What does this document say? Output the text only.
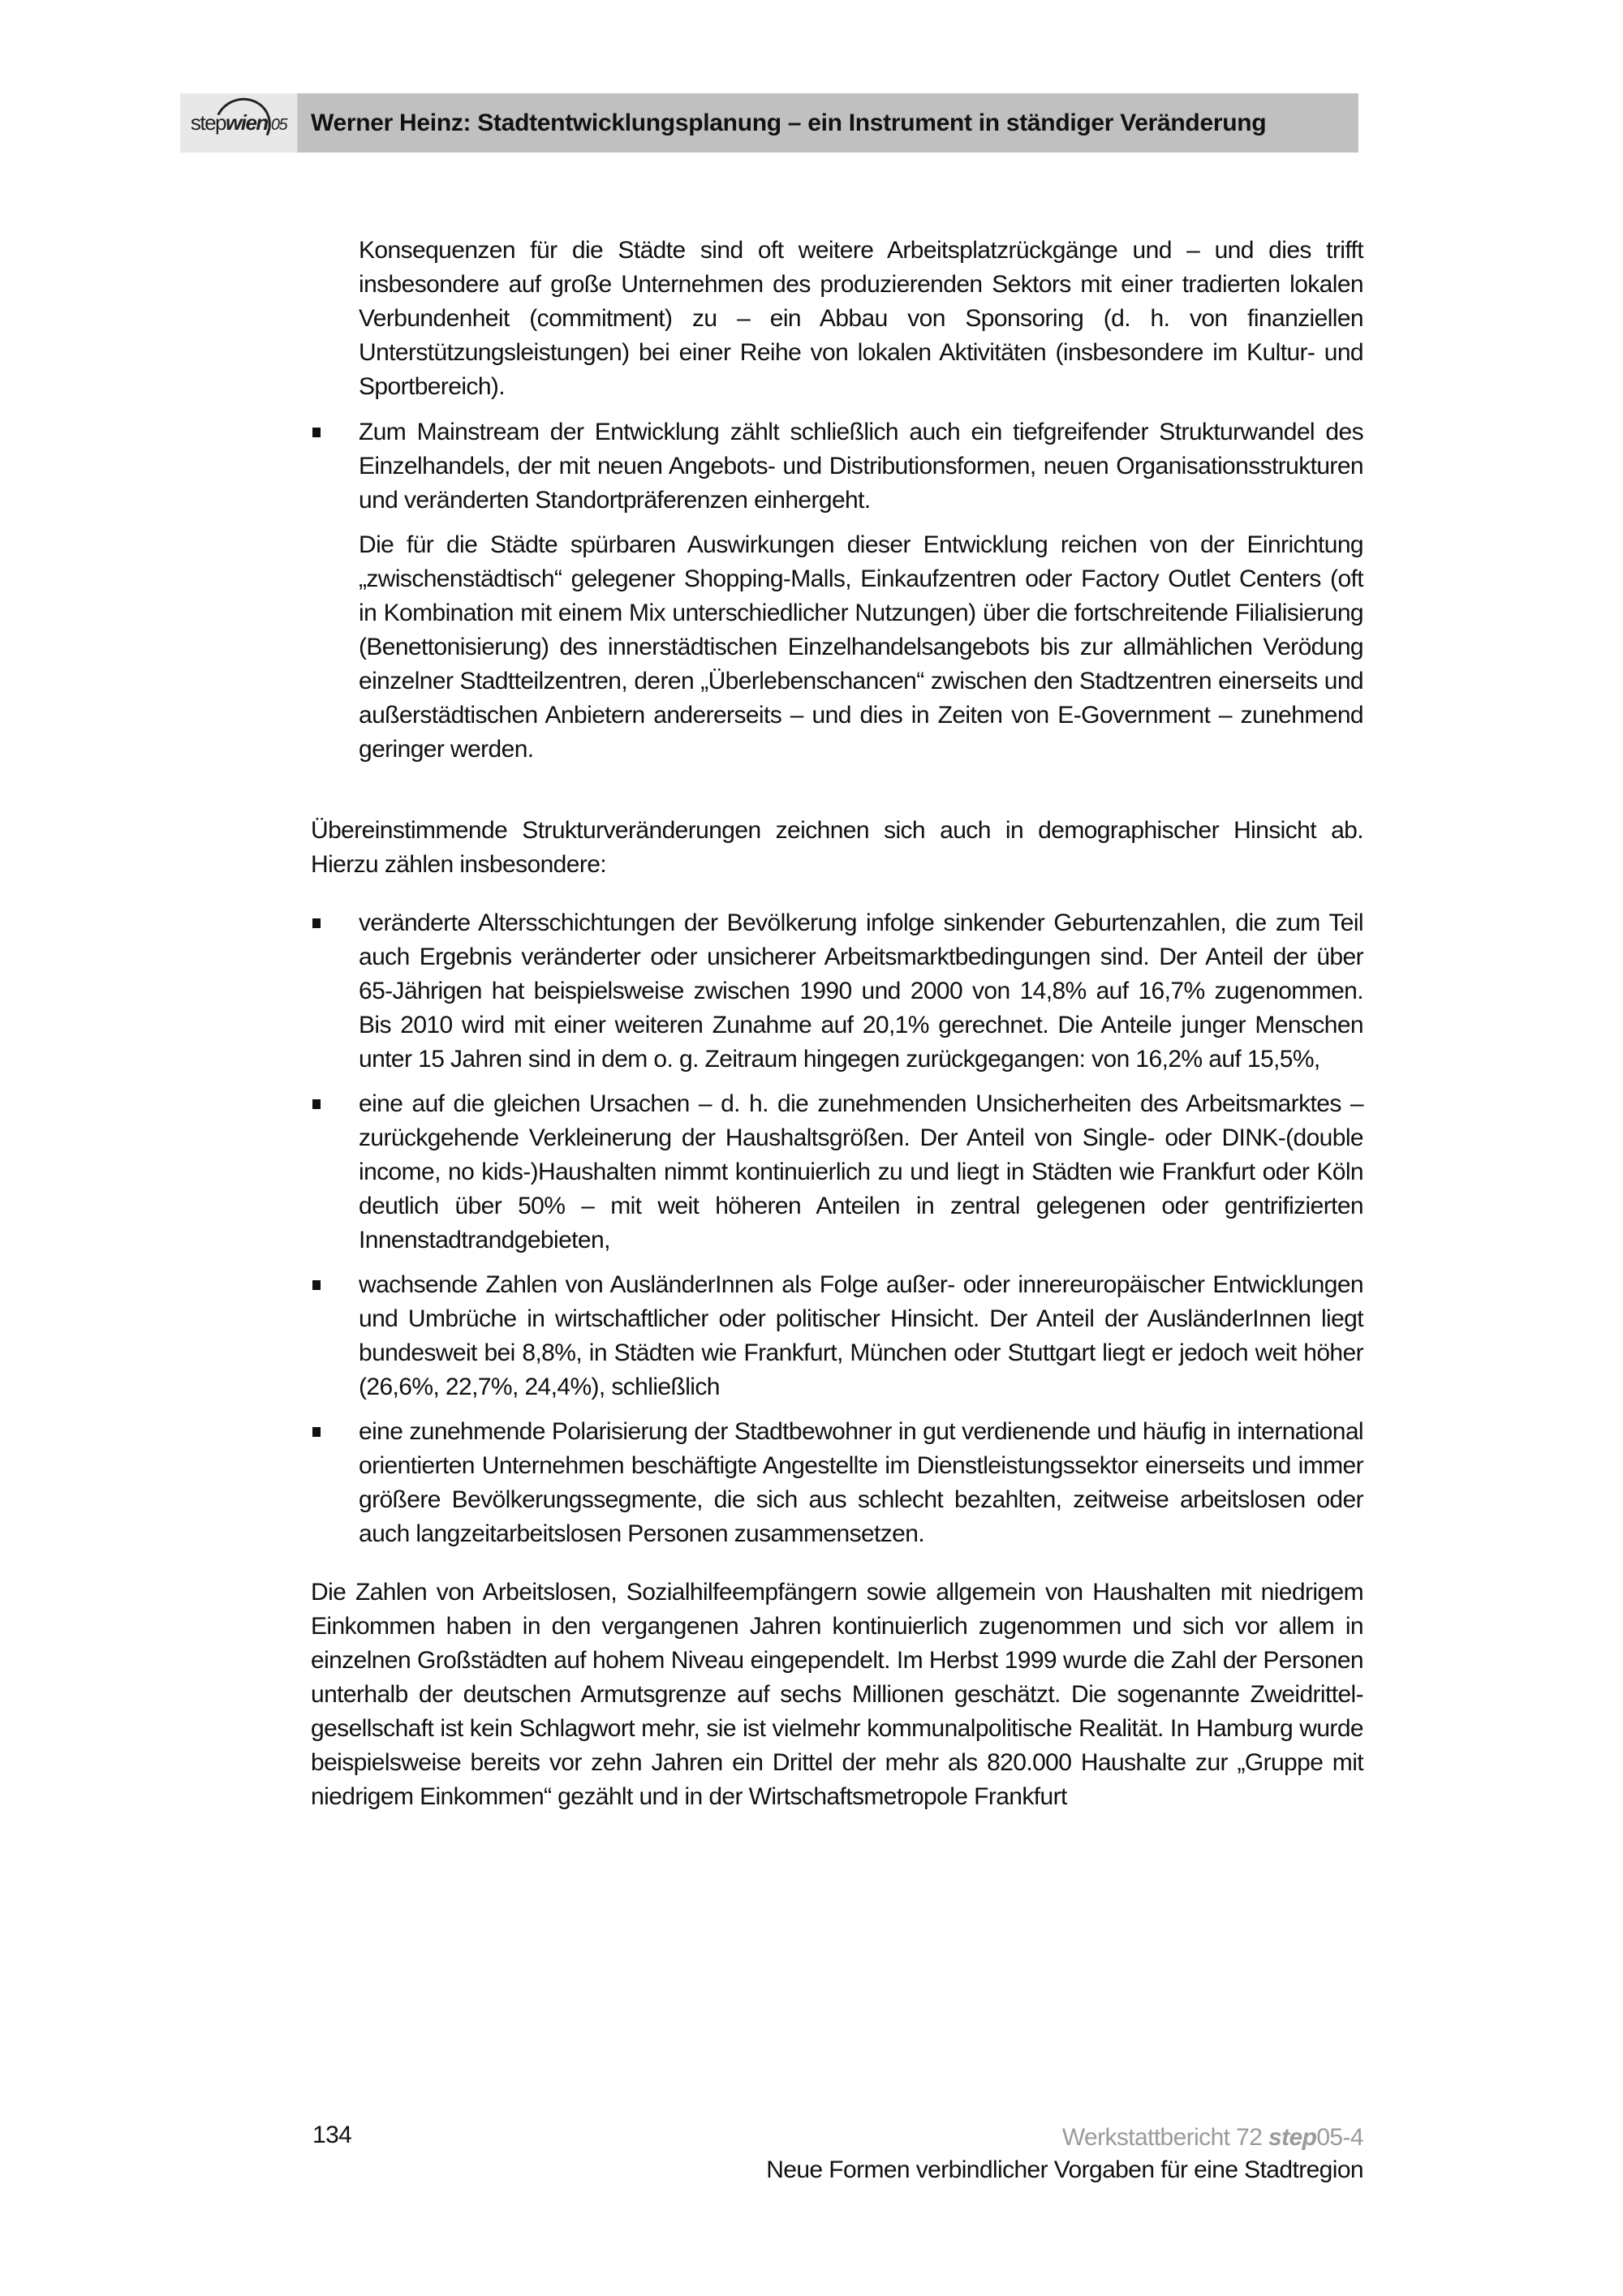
stepwien.05 Werner Heinz: Stadtentwicklungsplanung – ein Instrument in ständiger Veränderung

Konsequenzen für die Städte sind oft weitere Arbeitsplatzrückgänge und – und dies trifft insbesondere auf große Unternehmen des produzierenden Sektors mit einer tradierten lokalen Verbundenheit (commitment) zu – ein Abbau von Sponsoring (d. h. von finanziellen Unterstützungsleistungen) bei einer Reihe von lokalen Aktivitäten (insbesondere im Kultur- und Sportbereich).

Zum Mainstream der Entwicklung zählt schließlich auch ein tiefgreifender Strukturwandel des Einzelhandels, der mit neuen Angebots- und Distributionsformen, neuen Organisationsstrukturen und veränderten Standortpräferenzen einhergeht.

Die für die Städte spürbaren Auswirkungen dieser Entwicklung reichen von der Einrichtung „zwischenstädtisch“ gelegener Shopping-Malls, Einkaufzentren oder Factory Outlet Centers (oft in Kombination mit einem Mix unterschiedlicher Nutzungen) über die fortschreitende Filialisierung (Benettonisierung) des innerstädtischen Einzelhandelsangebots bis zur allmählichen Verödung einzelner Stadtteilzentren, deren „Überlebenschancen“ zwischen den Stadtzentren einerseits und außerstädtischen Anbietern andererseits – und dies in Zeiten von E-Government – zunehmend geringer werden.

Übereinstimmende Strukturveränderungen zeichnen sich auch in demographischer Hinsicht ab. Hierzu zählen insbesondere:

veränderte Altersschichtungen der Bevölkerung infolge sinkender Geburtenzahlen, die zum Teil auch Ergebnis veränderter oder unsicherer Arbeitsmarktbedingungen sind. Der Anteil der über 65-Jährigen hat beispielsweise zwischen 1990 und 2000 von 14,8% auf 16,7% zugenommen. Bis 2010 wird mit einer weiteren Zunahme auf 20,1% gerechnet. Die Anteile junger Menschen unter 15 Jahren sind in dem o. g. Zeitraum hingegen zurückgegangen: von 16,2% auf 15,5%,
eine auf die gleichen Ursachen – d. h. die zunehmenden Unsicherheiten des Arbeitsmarktes – zurückgehende Verkleinerung der Haushaltsgrößen. Der Anteil von Single- oder DINK-(double income, no kids-)Haushalten nimmt kontinuierlich zu und liegt in Städten wie Frankfurt oder Köln deutlich über 50% – mit weit höheren Anteilen in zentral gelegenen oder gentrifizierten Innenstadtrandgebieten,
wachsende Zahlen von AusländerInnen als Folge außer- oder innereuropäischer Entwicklungen und Umbrüche in wirtschaftlicher oder politischer Hinsicht. Der Anteil der AusländerInnen liegt bundesweit bei 8,8%, in Städten wie Frankfurt, München oder Stuttgart liegt er jedoch weit höher (26,6%, 22,7%, 24,4%), schließlich
eine zunehmende Polarisierung der Stadtbewohner in gut verdienende und häufig in international orientierten Unternehmen beschäftigte Angestellte im Dienstleistungssektor einerseits und immer größere Bevölkerungssegmente, die sich aus schlecht bezahlten, zeitweise arbeitslosen oder auch langzeitarbeitslosen Personen zusammensetzen.

Die Zahlen von Arbeitslosen, Sozialhilfeempfängern sowie allgemein von Haushalten mit niedrigem Einkommen haben in den vergangenen Jahren kontinuierlich zugenommen und sich vor allem in einzelnen Großstädten auf hohem Niveau eingependelt. Im Herbst 1999 wurde die Zahl der Personen unterhalb der deutschen Armutsgrenze auf sechs Millionen geschätzt. Die sogenannte Zweidrittel-gesellschaft ist kein Schlagwort mehr, sie ist vielmehr kommunalpolitische Realität. In Hamburg wurde beispielsweise bereits vor zehn Jahren ein Drittel der mehr als 820.000 Haushalte zur „Gruppe mit niedrigem Einkommen“ gezählt und in der Wirtschaftsmetropole Frankfurt

134	Werkstattbericht 72 step05-4
Neue Formen verbindlicher Vorgaben für eine Stadtregion
